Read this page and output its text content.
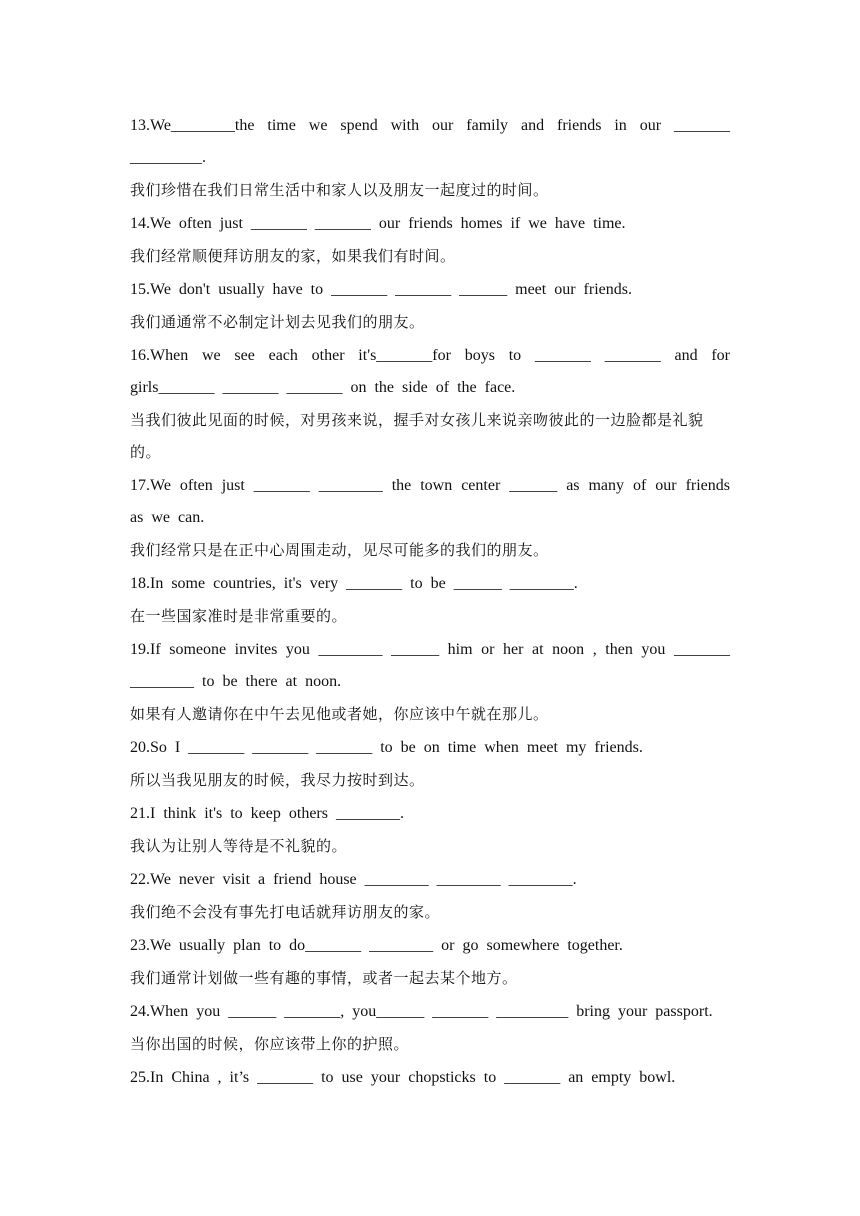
13.We________the time we spend with our family and friends in our _______ _________.

我们珍惜在我们日常生活中和家人以及朋友一起度过的时间。

14.We often just _______ _______ our friends homes if we have time.

我们经常顺便拜访朋友的家，如果我们有时间。

15.We don't usually have to _______ _______ ______ meet our friends.

我们通通常不必制定计划去见我们的朋友。

16.When we see each other it's_______for boys to _______ _______ and for girls_______ _______ _______ on the side of the face.

当我们彼此见面的时候，对男孩来说，握手对女孩儿来说亲吻彼此的一边脸都是礼貌的。

17.We often just _______ ________ the town center ______ as many of our friends as we can.

我们经常只是在正中心周围走动，见尽可能多的我们的朋友。

18.In some countries, it's very _______ to be ______ ________.

在一些国家准时是非常重要的。

19.If someone invites you ________ ______ him or her at noon , then you _______ ________ to be there at noon.

如果有人邀请你在中午去见他或者她，你应该中午就在那儿。

20.So I _______ _______ _______ to be on time when meet my friends.

所以当我见朋友的时候，我尽力按时到达。

21.I think it's to keep others ________.

我认为让别人等待是不礼貌的。

22.We never visit a friend house ________ ________ ________.

我们绝不会没有事先打电话就拜访朋友的家。

23.We usually plan to do_______ ________ or go somewhere together.

我们通常计划做一些有趣的事情，或者一起去某个地方。

24.When you ______ _______, you______ _______ _________ bring your passport.

当你出国的时候，你应该带上你的护照。

25.In China , it’s _______ to use your chopsticks to _______ an empty bowl.
